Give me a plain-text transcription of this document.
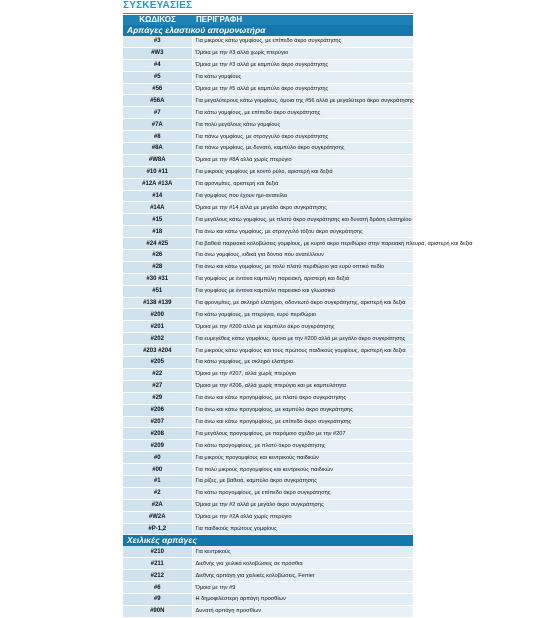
ΣΥΣΚΕΥΑΣΙΕΣ
ΚΩΔΙΚΟΣ	ΠΕΡΙΓΡΑΦΗ
Αρπάγες ελαστικού απομονωτήρα	
#3	Για μικρούς κάτω γομφίους, με επίπεδο άκρο συγκράτησης
#W3	Όμοια με την #3 αλλά χωρίς πτερύγιο
#4	Όμοια με την #3 αλλά με καμπύλο άκρο συγκράτησης
#5	Για κάτω γομφίους
#56	Όμοια με την #5 αλλά με καμπύλο άκρο συγκράτησης
#56A	Για μεγαλύτερους κάτω γομφίους, όμοια της #56 αλλά με μεγαλύτερο άκρο συγκράτησης
#7	Για κάτω γομφίους, με επίπεδο άκρο συγκράτησης
#7A	Για πολύ μεγάλους κάτω γομφίους
#8	Για πάνω γομφίους, με στρογγυλό άκρο συγκράτησης
#8A	Για πάνω γομφίους, με δυνατό, καμπύλο άκρο συγκράτησης
#W8A	Όμοια με την #8A αλλά χωρίς πτερύγιο
#10 #11	Για μικρούς γομφίους με κοντό ρύλο, αριστερή και δεξιά
#12A #13A	Για φρονιμίτες, αριστερή και δεξιά
#14	Για γομφίους που έχουν ημι-ανατείλει
#14A	Όμοια με την #14 αλλά με μεγάλο άκρο συγκράτησης
#15	Για μεγάλους κάτω γομφίους, με πλατύ άκρο συγκράτησης και δυνατή δράση ελατηρίου
#18	Για άνω και κάτω γομφίους, με στρογγυλό τόξου άκρο συγκράτησης
#24 #25	Για βαθειά παρειακά κολοβώσεις γομφίους, με κυρτό ακρο περιθώριο στην παρειακή πλευρά, αριστερή και δεξιά
#26	Για άνω γομφίους, ειδικά για δόντια που ανατέλλουν
#28	Για άνω και κάτω γομφίους, με πολύ πλατύ περιθώριο για ευρύ οπτικό πεδίο
#30 #31	Για γομφίους με έντονα καμπύλη παρειακή, αριστερή και δεξιά
#51	Για γομφίους με έντονα καμπύλο παρειακό και γλωσσικό
#138 #139	Για φρονιμίτες, με σκληρό ελατήριο, οδοντωτό άκρο συγκράτησης, αριστερή και δεξιά
#200	Για κάτω γομφίους, με πτερύγια, ευρύ περιθώριο
#201	Όμοια με την #200 αλλά με καμπύλο άκρο συγκράτησης
#202	Για ευμεγέθεις κάτω γομφίους, όμοια με την #200 αλλά με μεγάλο άκρο συγκράτησης
#203 #204	Για μικρούς κάτω γομφίους και τους πρώτους παιδικούς γομφίους, αριστερή και δεξιά
#205	Για κάτω γομφίους, με σκληρό ελατήριο
#22	Όμοια με την #207, αλλά χωρίς πτερύγιο
#27	Όμοια με την #206, αλλά χωρίς πτερύγιο και με καμπυλότητα
#29	Για άνω και κάτω προγομφίους, με πλατύ άκρο συγκράτησης
#206	Για άνω και κάτω προγομφίους, με καμπύλο άκρο συγκράτησης
#207	Για άνω και κάτω προγομφίους, με επίπεδο άκρο συγκράτησης
#208	Για μεγάλους προγομφίους, με παρόμοιο σχέδιο με την #207
#209	Για κάτω προγομφίους, με πλατύ άκρο συγκράτησης
#0	Για μικρούς προγομφίους και κεντρικούς παιδικών
#00	Για πολύ μικρούς προγομφίους και κεντρικούς παιδικών
#1	Για ρίζες, με βαθειά, καμπύλο άκρο συγκράτησης
#2	Για κάτω προγομφίους, με επίπεδο άκρο συγκράτησης
#2A	Όμοια με την #2 αλλά με μεγάλο άκρο συγκράτησης
#W2A	Όμοια με την #2A αλλά χωρίς πτερύγιο
#P-1,2	Για παιδικούς πρώτους γομφίους
Χειλικές αρπάγες	
#210	Για κεντρικούς
#211	Διεθνής για χειλικά κολοβώσεις σε πρόσθια
#212	Διεθνής αρπάγη για χειλικές κολοβώσεις, Ferrier
#6	Όμοια με την #9
#9	Η δημοφιλέστερη αρπάγη προσθίων
#90N	Δυνατή αρπάγη προσθίων
